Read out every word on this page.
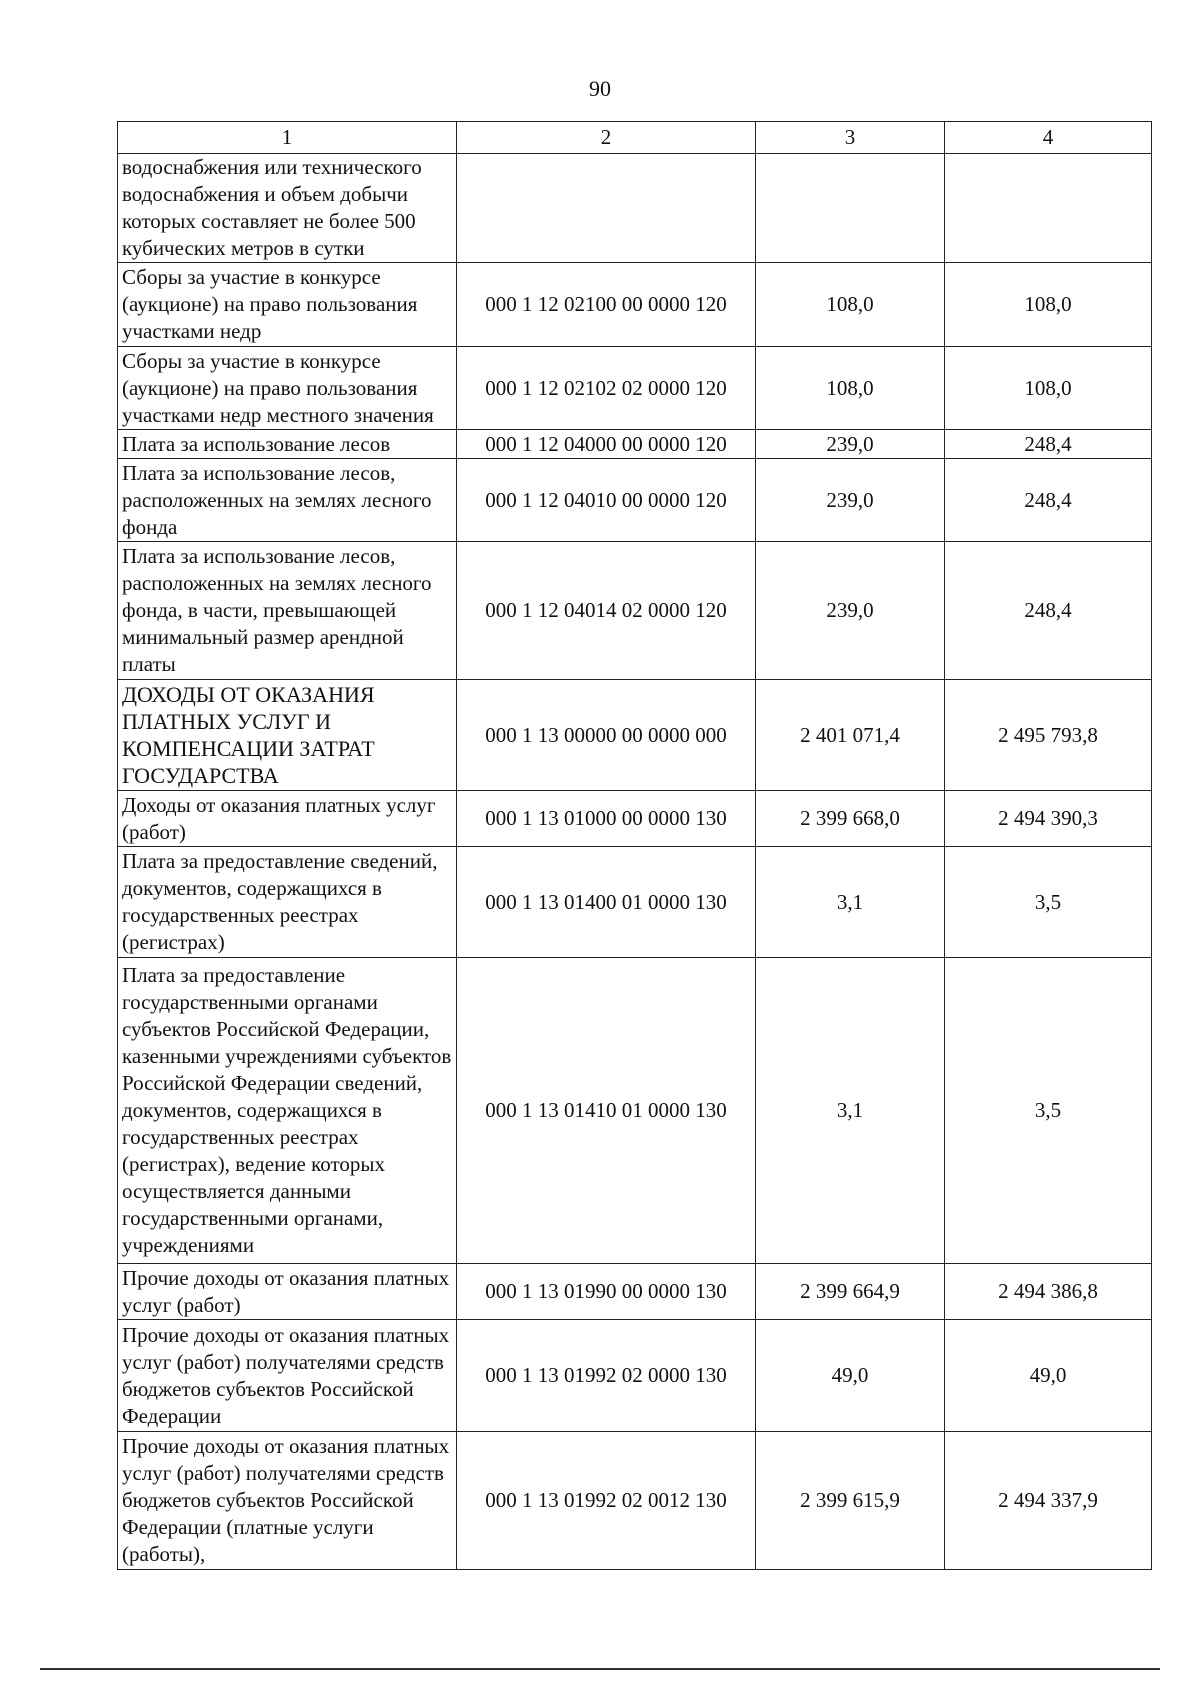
90
1	2	3	4
водоснабжения или технического водоснабжения и объем добычи которых составляет не более 500 кубических метров в сутки			
Сборы за участие в конкурсе (аукционе) на право пользования участками недр	000 1 12 02100 00 0000 120	108,0	108,0
Сборы за участие в конкурсе (аукционе) на право пользования участками недр местного значения	000 1 12 02102 02 0000 120	108,0	108,0
Плата за использование лесов	000 1 12 04000 00 0000 120	239,0	248,4
Плата за использование лесов, расположенных на землях лесного фонда	000 1 12 04010 00 0000 120	239,0	248,4
Плата за использование лесов, расположенных на землях лесного фонда, в части, превышающей минимальный размер арендной платы	000 1 12 04014 02 0000 120	239,0	248,4
ДОХОДЫ ОТ ОКАЗАНИЯ ПЛАТНЫХ УСЛУГ И КОМПЕНСАЦИИ ЗАТРАТ ГОСУДАРСТВА	000 1 13 00000 00 0000 000	2 401 071,4	2 495 793,8
Доходы от оказания платных услуг (работ)	000 1 13 01000 00 0000 130	2 399 668,0	2 494 390,3
Плата за предоставление сведений, документов, содержащихся в государственных реестрах (регистрах)	000 1 13 01400 01 0000 130	3,1	3,5
Плата за предоставление государственными органами субъектов Российской Федерации, казенными учреждениями субъектов Российской Федерации сведений, документов, содержащихся в государственных реестрах (регистрах), ведение которых осуществляется данными государственными органами, учреждениями	000 1 13 01410 01 0000 130	3,1	3,5
Прочие доходы от оказания платных услуг (работ)	000 1 13 01990 00 0000 130	2 399 664,9	2 494 386,8
Прочие доходы от оказания платных услуг (работ) получателями средств бюджетов субъектов Российской Федерации	000 1 13 01992 02 0000 130	49,0	49,0
Прочие доходы от оказания платных услуг (работ) получателями средств бюджетов субъектов Российской Федерации (платные услуги (работы),	000 1 13 01992 02 0012 130	2 399 615,9	2 494 337,9
